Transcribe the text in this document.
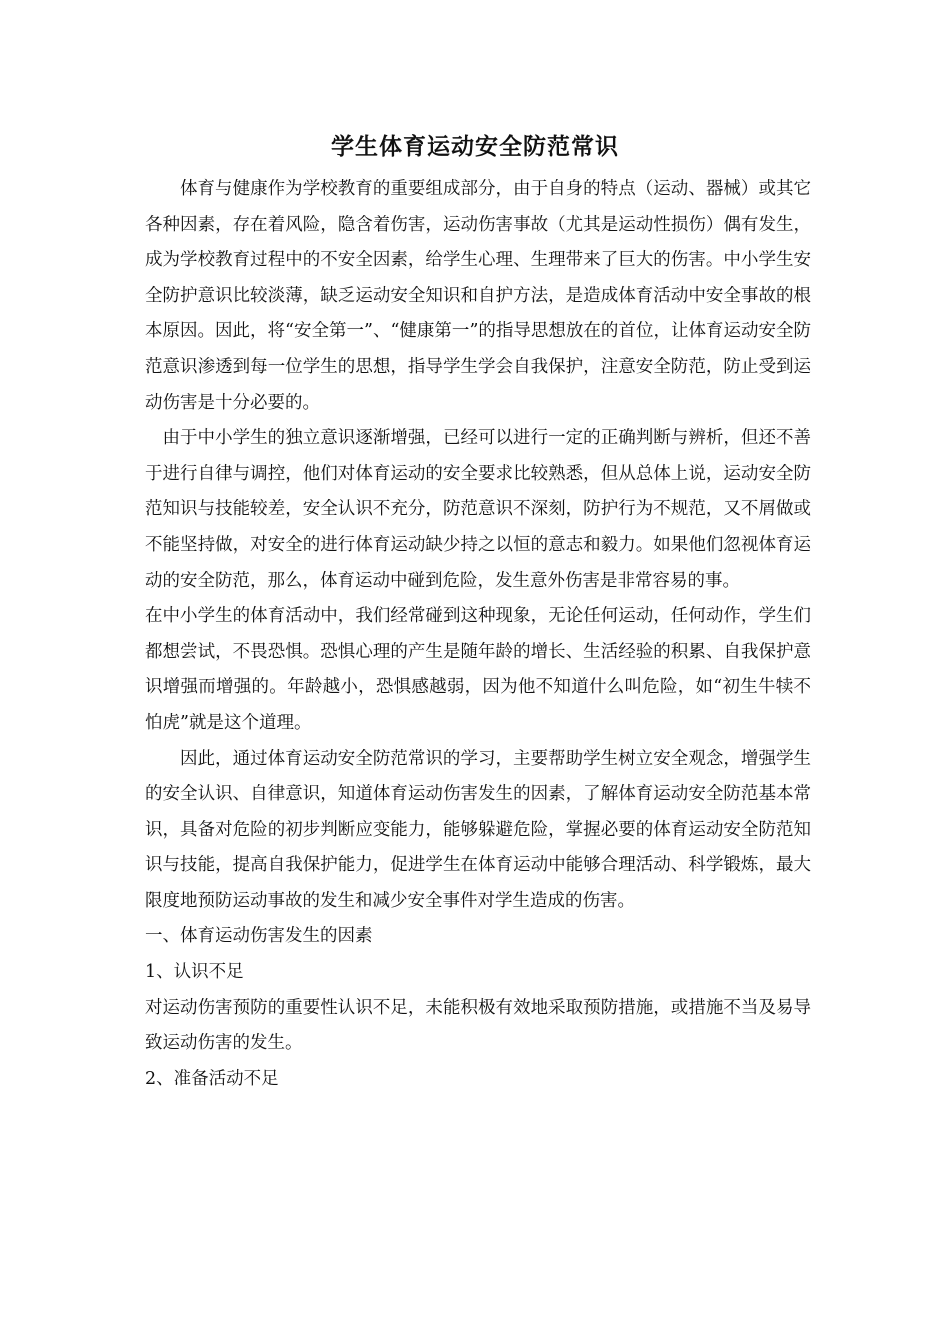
学生体育运动安全防范常识

体育与健康作为学校教育的重要组成部分，由于自身的特点（运动、器械）或其它各种因素，存在着风险，隐含着伤害，运动伤害事故（尤其是运动性损伤）偶有发生，成为学校教育过程中的不安全因素，给学生心理、生理带来了巨大的伤害。中小学生安全防护意识比较淡薄，缺乏运动安全知识和自护方法，是造成体育活动中安全事故的根本原因。因此，将“安全第一”、“健康第一”的指导思想放在的首位，让体育运动安全防范意识渗透到每一位学生的思想，指导学生学会自我保护，注意安全防范，防止受到运动伤害是十分必要的。

由于中小学生的独立意识逐渐增强，已经可以进行一定的正确判断与辨析，但还不善于进行自律与调控，他们对体育运动的安全要求比较熟悉，但从总体上说，运动安全防范知识与技能较差，安全认识不充分，防范意识不深刻，防护行为不规范，又不屑做或不能坚持做，对安全的进行体育运动缺少持之以恒的意志和毅力。如果他们忽视体育运动的安全防范，那么，体育运动中碰到危险，发生意外伤害是非常容易的事。

在中小学生的体育活动中，我们经常碰到这种现象，无论任何运动，任何动作，学生们都想尝试，不畏恐惧。恐惧心理的产生是随年龄的增长、生活经验的积累、自我保护意识增强而增强的。年龄越小，恐惧感越弱，因为他不知道什么叫危险，如“初生牛犊不怕虎”就是这个道理。

因此，通过体育运动安全防范常识的学习，主要帮助学生树立安全观念，增强学生的安全认识、自律意识，知道体育运动伤害发生的因素，了解体育运动安全防范基本常识，具备对危险的初步判断应变能力，能够躲避危险，掌握必要的体育运动安全防范知识与技能，提高自我保护能力，促进学生在体育运动中能够合理活动、科学锻炼，最大限度地预防运动事故的发生和减少安全事件对学生造成的伤害。

一、体育运动伤害发生的因素

1、认识不足

对运动伤害预防的重要性认识不足，未能积极有效地采取预防措施，或措施不当及易导致运动伤害的发生。

2、准备活动不足
